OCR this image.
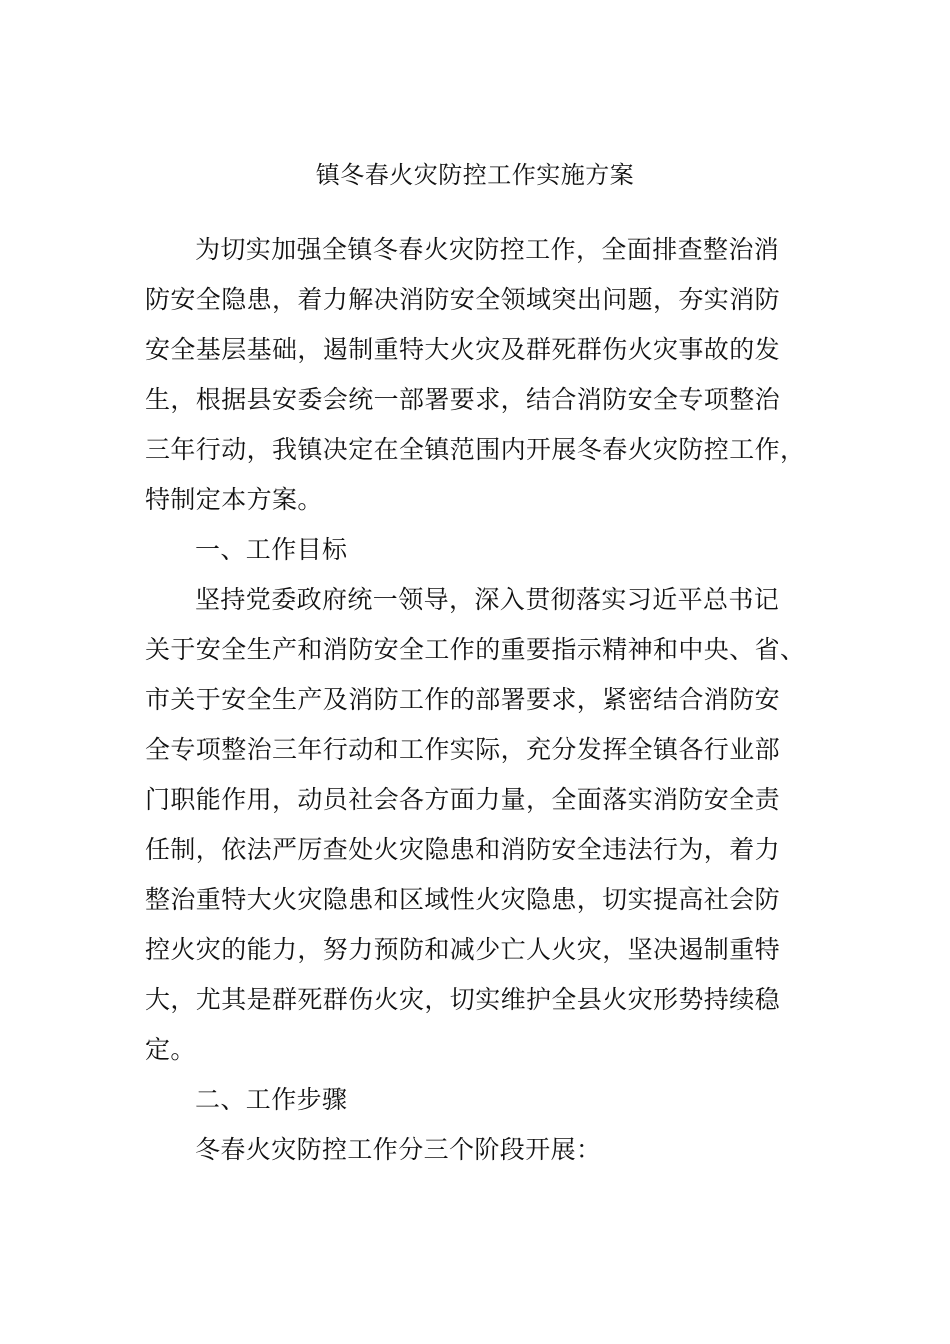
镇冬春火灾防控工作实施方案
为切实加强全镇冬春火灾防控工作，全面排查整治消
防安全隐患，着力解决消防安全领域突出问题，夯实消防
安全基层基础，遏制重特大火灾及群死群伤火灾事故的发
生，根据县安委会统一部署要求，结合消防安全专项整治
三年行动，我镇决定在全镇范围内开展冬春火灾防控工作，
特制定本方案。
一、工作目标
坚持党委政府统一领导，深入贯彻落实习近平总书记
关于安全生产和消防安全工作的重要指示精神和中央、省、
市关于安全生产及消防工作的部署要求，紧密结合消防安
全专项整治三年行动和工作实际，充分发挥全镇各行业部
门职能作用，动员社会各方面力量，全面落实消防安全责
任制，依法严厉查处火灾隐患和消防安全违法行为，着力
整治重特大火灾隐患和区域性火灾隐患，切实提高社会防
控火灾的能力，努力预防和减少亡人火灾，坚决遏制重特
大，尤其是群死群伤火灾，切实维护全县火灾形势持续稳
定。
二、工作步骤
冬春火灾防控工作分三个阶段开展：
